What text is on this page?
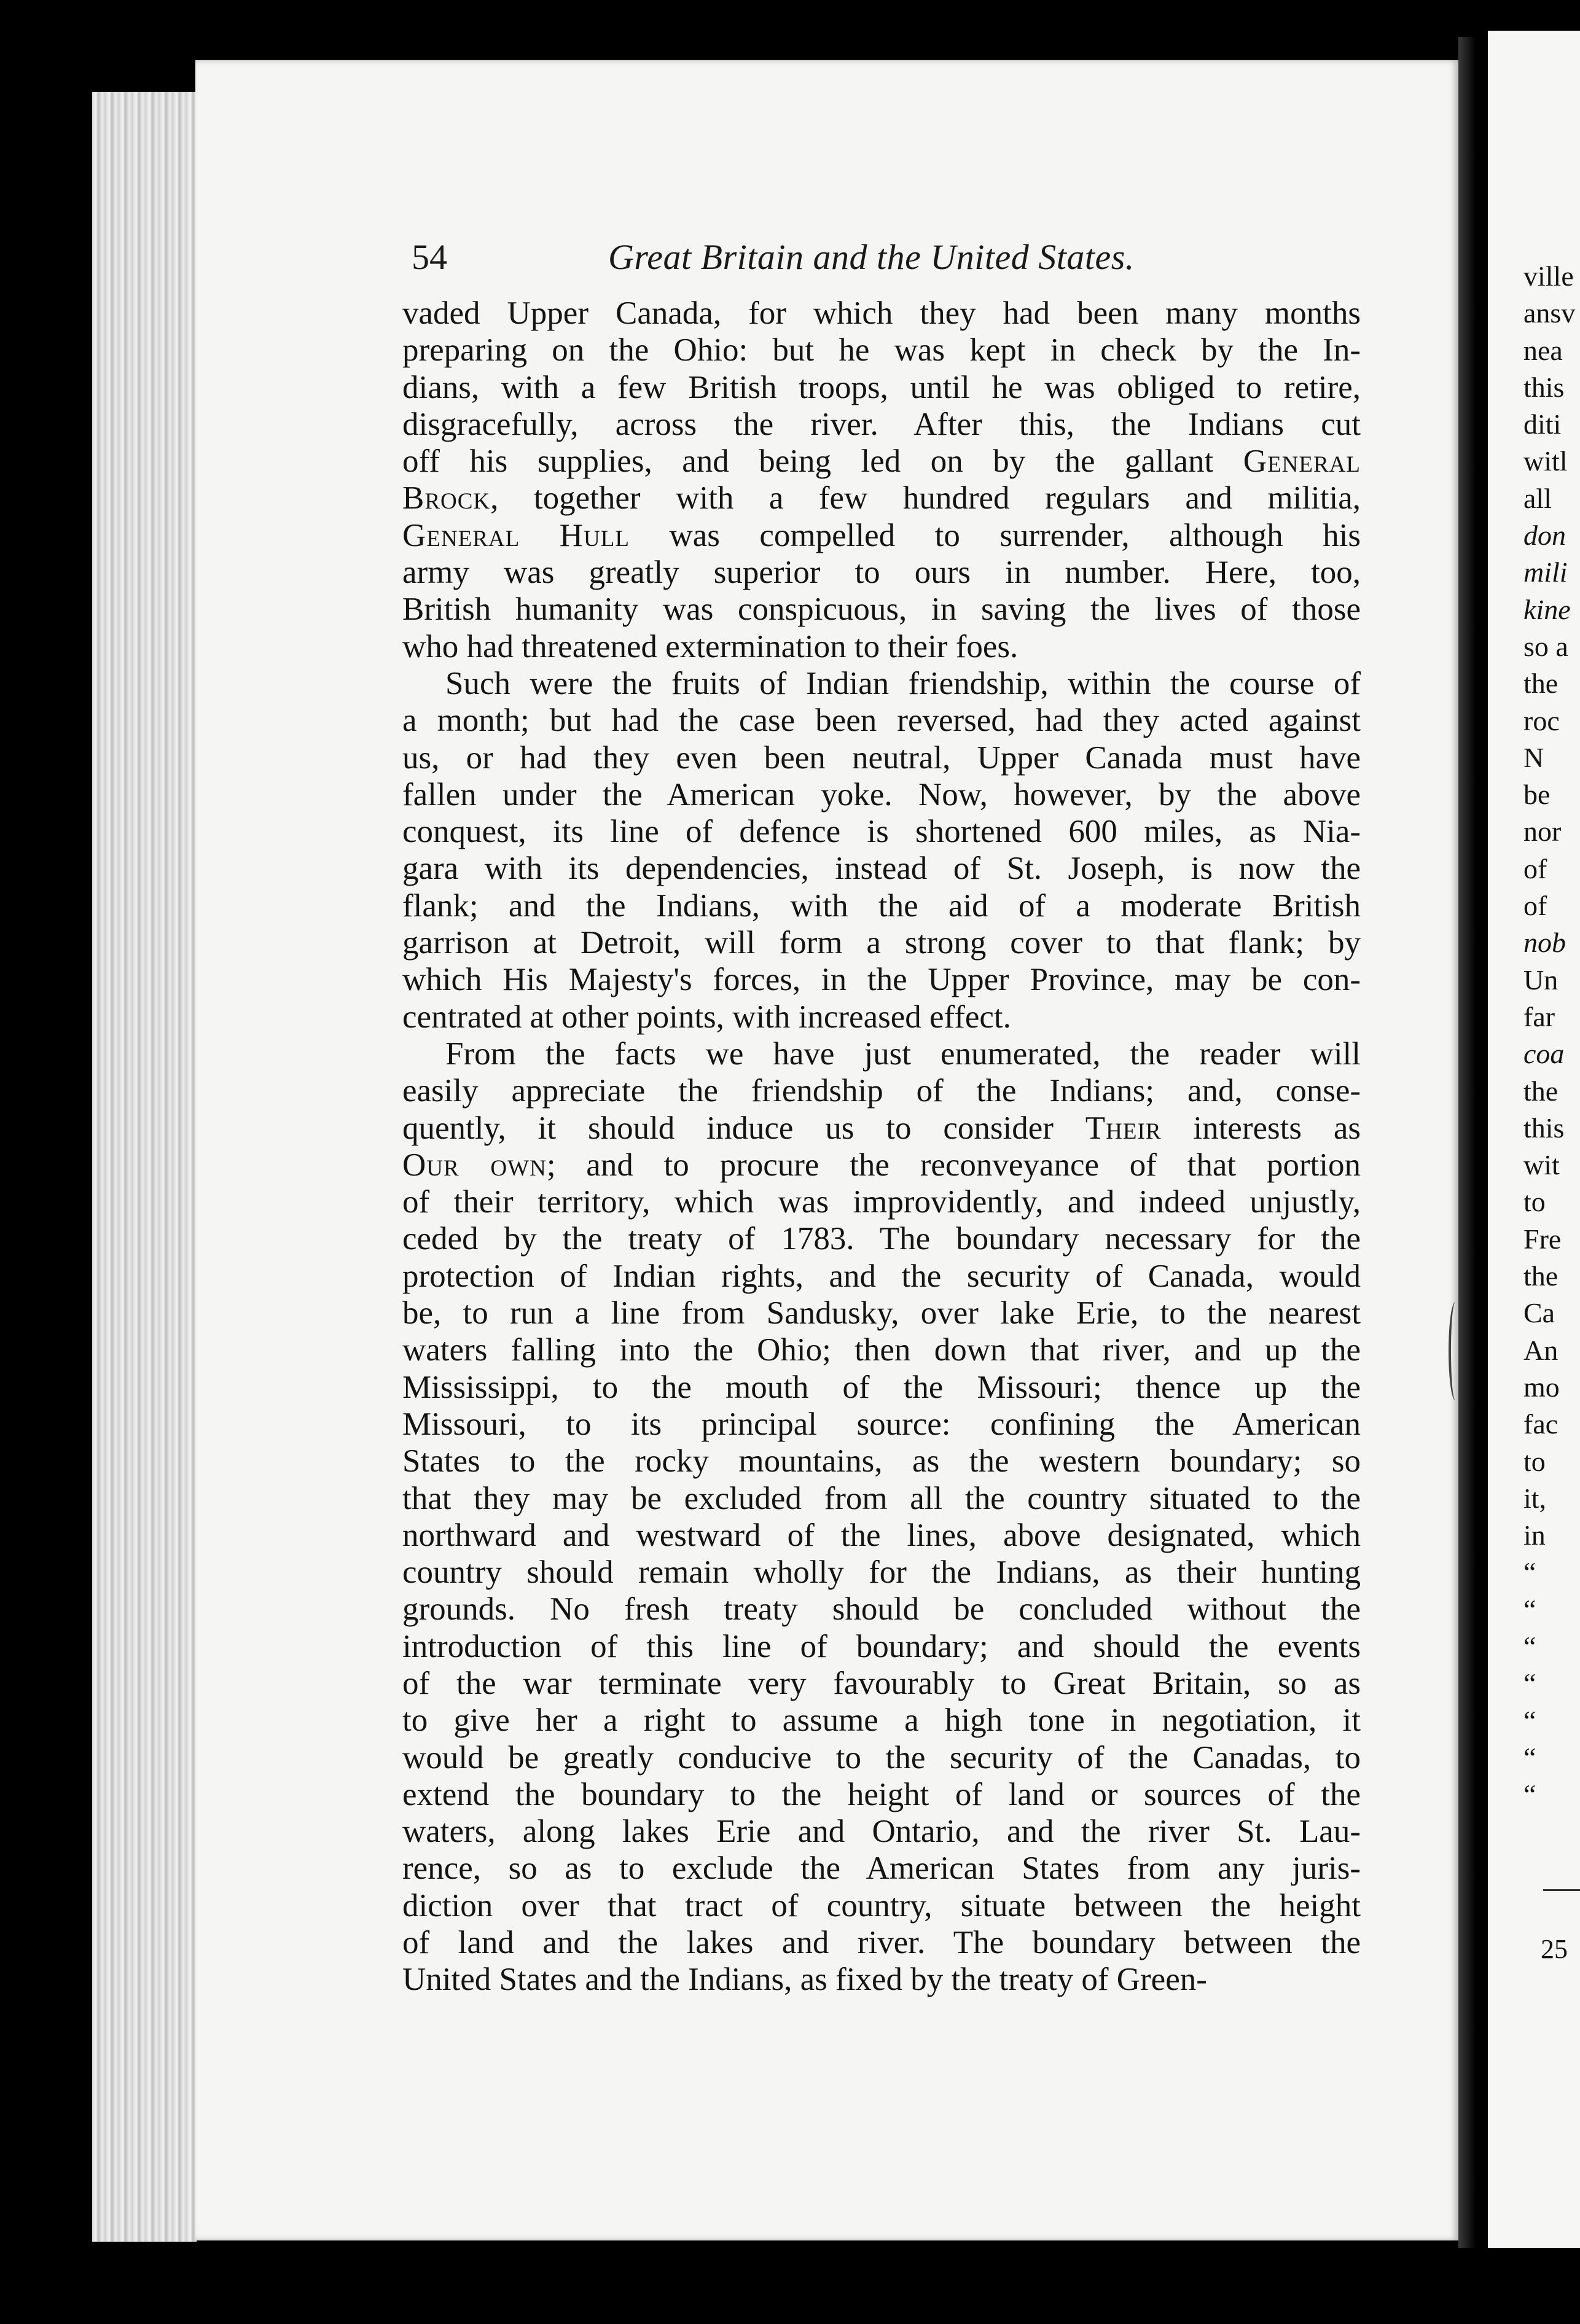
54	Great Britain and the United States.
vaded Upper Canada, for which they had been many months
preparing on the Ohio: but he was kept in check by the In-
dians, with a few British troops, until he was obliged to retire,
disgracefully, across the river. After this, the Indians cut
off his supplies, and being led on by the gallant General
Brock, together with a few hundred regulars and militia,
General Hull was compelled to surrender, although his
army was greatly superior to ours in number. Here, too,
British humanity was conspicuous, in saving the lives of those
who had threatened extermination to their foes.
Such were the fruits of Indian friendship, within the course of
a month; but had the case been reversed, had they acted against
us, or had they even been neutral, Upper Canada must have
fallen under the American yoke. Now, however, by the above
conquest, its line of defence is shortened 600 miles, as Nia-
gara with its dependencies, instead of St. Joseph, is now the
flank; and the Indians, with the aid of a moderate British
garrison at Detroit, will form a strong cover to that flank; by
which His Majesty's forces, in the Upper Province, may be con-
centrated at other points, with increased effect.
From the facts we have just enumerated, the reader will
easily appreciate the friendship of the Indians; and, conse-
quently, it should induce us to consider Their interests as
Our own; and to procure the reconveyance of that portion
of their territory, which was improvidently, and indeed unjustly,
ceded by the treaty of 1783. The boundary necessary for the
protection of Indian rights, and the security of Canada, would
be, to run a line from Sandusky, over lake Erie, to the nearest
waters falling into the Ohio; then down that river, and up the
Mississippi, to the mouth of the Missouri; thence up the
Missouri, to its principal source: confining the American
States to the rocky mountains, as the western boundary; so
that they may be excluded from all the country situated to the
northward and westward of the lines, above designated, which
country should remain wholly for the Indians, as their hunting
grounds. No fresh treaty should be concluded without the
introduction of this line of boundary; and should the events
of the war terminate very favourably to Great Britain, so as
to give her a right to assume a high tone in negotiation, it
would be greatly conducive to the security of the Canadas, to
extend the boundary to the height of land or sources of the
waters, along lakes Erie and Ontario, and the river St. Lau-
rence, so as to exclude the American States from any juris-
diction over that tract of country, situate between the height
of land and the lakes and river. The boundary between the
United States and the Indians, as fixed by the treaty of Green-
ville
ansv
nea
this
diti
witl
all
don
mili
kine
so a
the
roc
N
be
nor
of
of
nob
Un
far
coa
the
this
wit
to
Fre
the
Ca
An
mo
fac
to
it,
in
“
“
“
“
“
“
“
25
